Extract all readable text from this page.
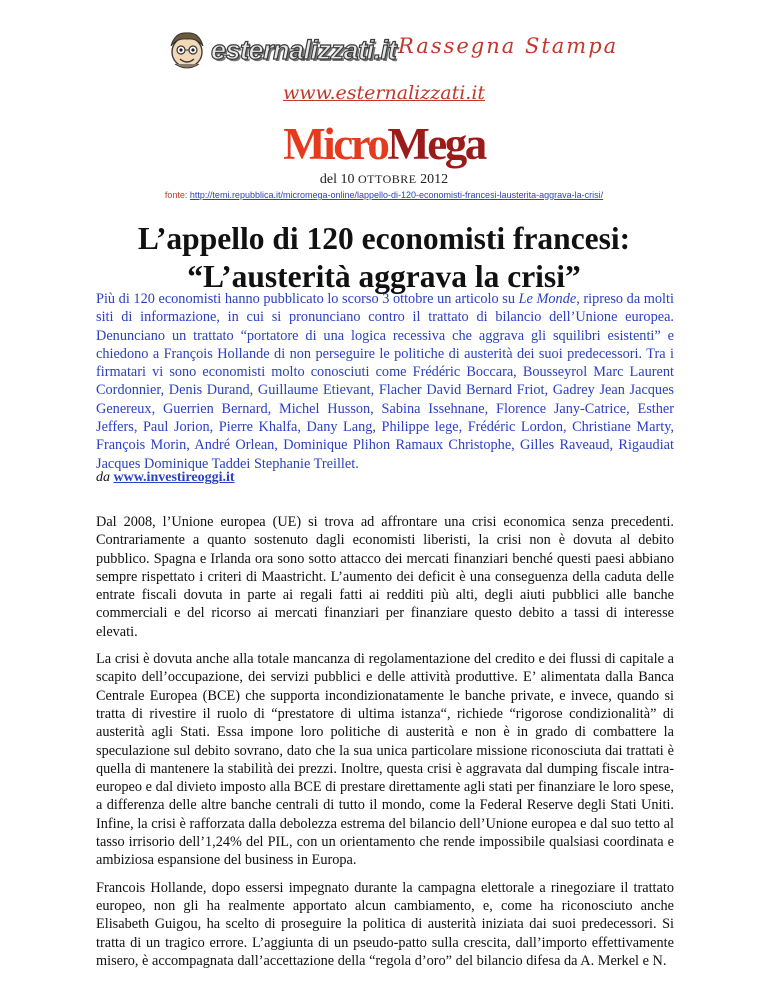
esternalizzati.it Rassegna Stampa
www.esternalizzati.it
MicroMega
del 10 OTTOBRE 2012
fonte: http://temi.repubblica.it/micromega-online/lappello-di-120-economisti-francesi-lausterita-aggrava-la-crisi/
L’appello di 120 economisti francesi:
“L’austerità aggrava la crisi”
Più di 120 economisti hanno pubblicato lo scorso 3 ottobre un articolo su Le Monde, ripreso da molti siti di informazione, in cui si pronunciano contro il trattato di bilancio dell’Unione europea. Denunciano un trattato “portatore di una logica recessiva che aggrava gli squilibri esistenti” e chiedono a François Hollande di non perseguire le politiche di austerità dei suoi predecessori. Tra i firmatari vi sono economisti molto conosciuti come Frédéric Boccara, Bousseyrol Marc Laurent Cordonnier, Denis Durand, Guillaume Etievant, Flacher David Bernard Friot, Gadrey Jean Jacques Genereux, Guerrien Bernard, Michel Husson, Sabina Issehnane, Florence Jany-Catrice, Esther Jeffers, Paul Jorion, Pierre Khalfa, Dany Lang, Philippe lege, Frédéric Lordon, Christiane Marty, François Morin, André Orlean, Dominique Plihon Ramaux Christophe, Gilles Raveaud, Rigaudiat Jacques Dominique Taddei Stephanie Treillet.
da www.investireoggi.it

Dal 2008, l’Unione europea (UE) si trova ad affrontare una crisi economica senza precedenti. Contrariamente a quanto sostenuto dagli economisti liberisti, la crisi non è dovuta al debito pubblico. Spagna e Irlanda ora sono sotto attacco dei mercati finanziari benché questi paesi abbiano sempre rispettato i criteri di Maastricht. L’aumento dei deficit è una conseguenza della caduta delle entrate fiscali dovuta in parte ai regali fatti ai redditi più alti, degli aiuti pubblici alle banche commerciali e del ricorso ai mercati finanziari per finanziare questo debito a tassi di interesse elevati.

La crisi è dovuta anche alla totale mancanza di regolamentazione del credito e dei flussi di capitale a scapito dell’occupazione, dei servizi pubblici e delle attività produttive. E’ alimentata dalla Banca Centrale Europea (BCE) che supporta incondizionatamente le banche private, e invece, quando si tratta di rivestire il ruolo di “prestatore di ultima istanza“, richiede “rigorose condizionalità” di austerità agli Stati. Essa impone loro politiche di austerità e non è in grado di combattere la speculazione sul debito sovrano, dato che la sua unica particolare missione riconosciuta dai trattati è quella di mantenere la stabilità dei prezzi. Inoltre, questa crisi è aggravata dal dumping fiscale intra-europeo e dal divieto imposto alla BCE di prestare direttamente agli stati per finanziare le loro spese, a differenza delle altre banche centrali di tutto il mondo, come la Federal Reserve degli Stati Uniti. Infine, la crisi è rafforzata dalla debolezza estrema del bilancio dell’Unione europea e dal suo tetto al tasso irrisorio dell’1,24% del PIL, con un orientamento che rende impossibile qualsiasi coordinata e ambiziosa espansione del business in Europa.

Francois Hollande, dopo essersi impegnato durante la campagna elettorale a rinegoziare il trattato europeo, non gli ha realmente apportato alcun cambiamento, e, come ha riconosciuto anche Elisabeth Guigou, ha scelto di proseguire la politica di austerità iniziata dai suoi predecessori. Si tratta di un tragico errore. L’aggiunta di un pseudo-patto sulla crescita, dall’importo effettivamente misero, è accompagnata dall’accettazione della “regola d’oro” del bilancio difesa da A. Merkel e N.
